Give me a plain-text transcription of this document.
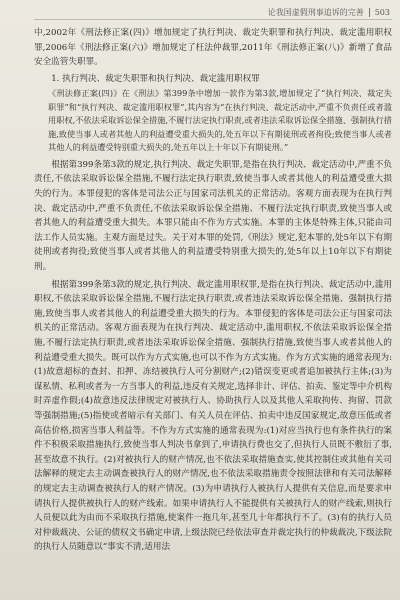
论我国虚假刑事追诉的完善 503

中,2002年《刑法修正案(四)》增加规定了执行判决、裁定失职罪和执行判决、裁定滥用职权罪,2006年《刑法修正案(六)》增加规定了枉法仲裁罪,2011年《刑法修正案(八)》新增了食品安全监管失职罪。

1. 执行判决、裁定失职罪和执行判决、裁定滥用职权罪

《刑法修正案(四)》在《刑法》第399条中增加一款作为第3款,增加规定了“执行判决、裁定失职罪”和“执行判决、裁定滥用职权罪”,其内容为“在执行判决、裁定活动中,严重不负责任或者滥用职权,不依法采取诉讼保全措施,不履行法定执行职责,或者违法采取诉讼保全措施、强制执行措施,致使当事人或者其他人的利益遭受重大损失的,处五年以下有期徒刑或者拘役;致使当事人或者其他人的利益遭受特别重大损失的,处五年以上十年以下有期徒刑。”

根据第399条第3款的规定,执行判决、裁定失职罪,是指在执行判决、裁定活动中,严重不负责任,不依法采取诉讼保全措施,不履行法定执行职责,致使当事人或者其他人的利益遭受重大损失的行为。本罪侵犯的客体是司法公正与国家司法机关的正常活动。客观方面表现为在执行判决、裁定活动中,严重不负责任,不依法采取诉讼保全措施、不履行法定执行职责,致使当事人或者其他人的利益遭受重大损失。本罪只能由不作为方式实施。本罪的主体是特殊主体,只能由司法工作人员实施。主观方面是过失。关于对本罪的处罚,《刑法》规定,犯本罪的,处5年以下有期徒刑或者拘役;致使当事人或者其他人的利益遭受特别重大损失的,处5年以上10年以下有期徒刑。

根据第399条第3款的规定,执行判决、裁定滥用职权罪,是指在执行判决、裁定活动中,滥用职权,不依法采取诉讼保全措施,不履行法定执行职责,或者违法采取诉讼保全措施、强制执行措施,致使当事人或者其他人的利益遭受重大损失的行为。本罪侵犯的客体是司法公正与国家司法机关的正常活动。客观方面表现为在执行判决、裁定活动中,滥用职权,不依法采取诉讼保全措施,不履行法定执行职责,或者违法采取诉讼保全措施、强制执行措施,致使当事人或者其他人的利益遭受重大损失。既可以作为方式实施,也可以不作为方式实施。作为方式实施的通常表现为:(1)故意超标的查封、扣押、冻结被执行人可分割财产;(2)错误变更或者追加被执行主体;(3)为谋私情、私利或者为一方当事人的利益,违反有关规定,选择非计、评估、拍卖、鉴定等中介机构时弄虚作假;(4)故意违反法律规定对被执行人、协助执行人以及其他人采取拘传、拘留、罚款等强制措施;(5)指使或者暗示有关部门、有关人员在评估、拍卖中违反国家规定,故意压低或者高估价格,损害当事人利益等。不作为方式实施的通常表现为:(1)对应当执行也有条件执行的案件不积极采取措施执行,致使当事人判决书拿到了,申请执行费也交了,但执行人员既不敷衍了事,甚至故意不执行。(2)对被执行人的财产情况,也不依法采取措施查实,使其控制住或其他有关司法解释的规定去主动调查被执行人的财产情况,也不依法采取措施责令按照法律和有关司法解释的规定去主动调查被执行人的财产情况。(3)为申请执行人被执行人提供有关信息,而是要求申请执行人提供被执行人的财产线索。如果申请执行人不能提供有关被执行人的财产线索,则执行人员便以此为由而不采取执行措施,使案件一拖几年,甚至几十年都执行不了。(3)有的执行人员对仲裁裁决、公证的债权文书确定申请,上级法院已经依法审查并裁定执行的仲裁裁决,下级法院的执行人员随意以“事实不清,适用法
